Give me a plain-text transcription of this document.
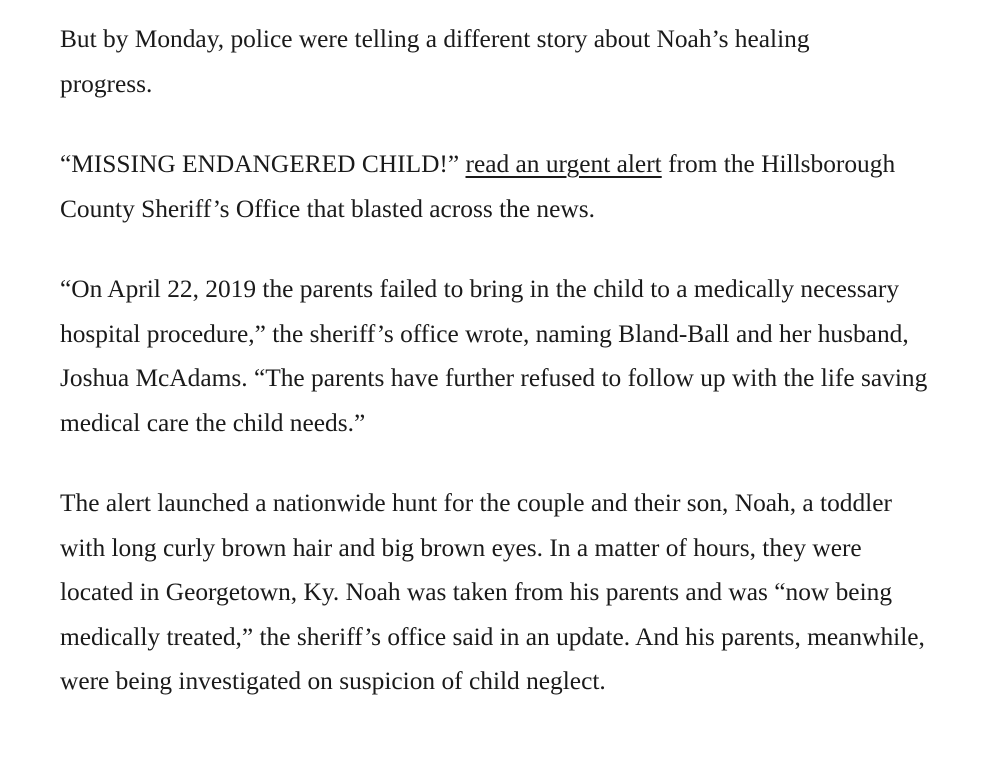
But by Monday, police were telling a different story about Noah’s healing progress.

“MISSING ENDANGERED CHILD!” read an urgent alert from the Hillsborough County Sheriff’s Office that blasted across the news.

“On April 22, 2019 the parents failed to bring in the child to a medically necessary hospital procedure,” the sheriff’s office wrote, naming Bland-Ball and her husband, Joshua McAdams. “The parents have further refused to follow up with the life saving medical care the child needs.”

The alert launched a nationwide hunt for the couple and their son, Noah, a toddler with long curly brown hair and big brown eyes. In a matter of hours, they were located in Georgetown, Ky. Noah was taken from his parents and was “now being medically treated,” the sheriff’s office said in an update. And his parents, meanwhile, were being investigated on suspicion of child neglect.
